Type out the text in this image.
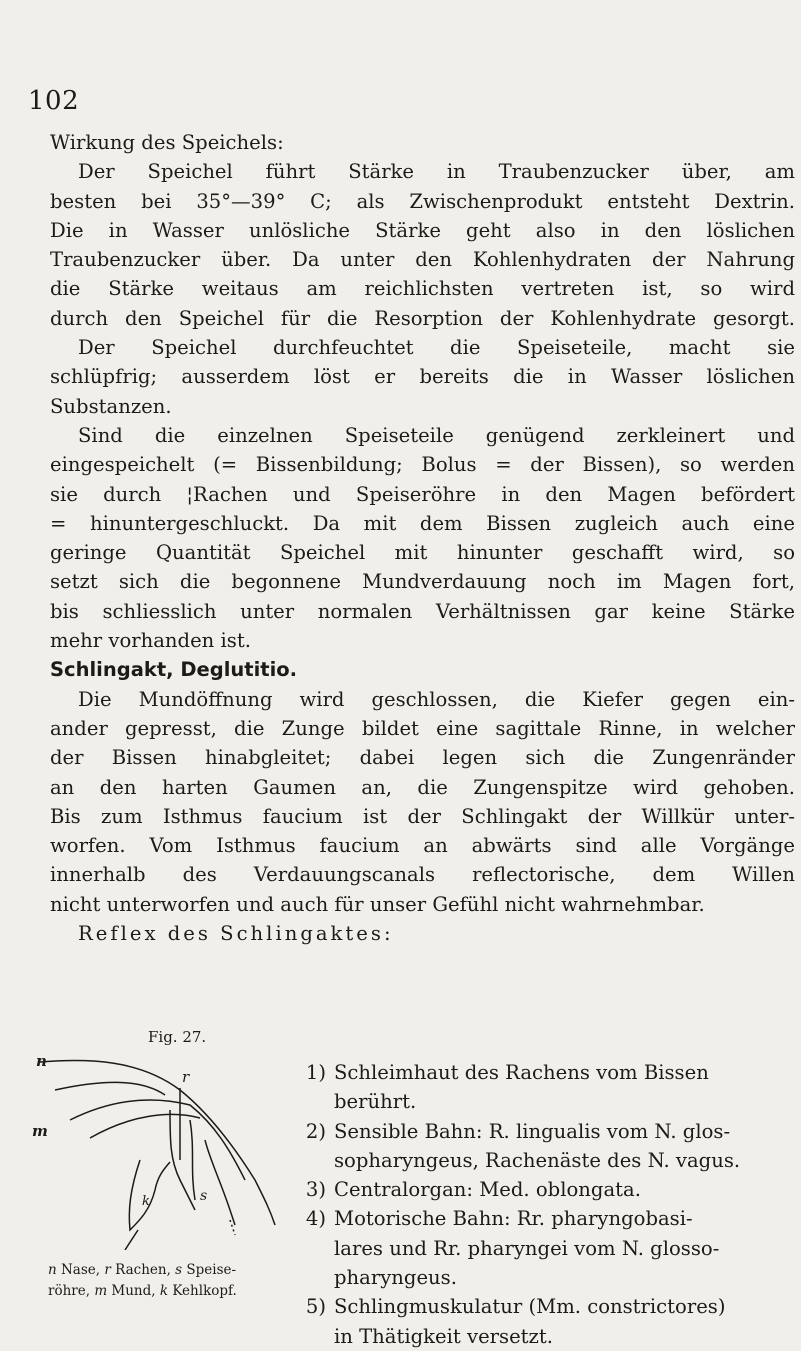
102
Wirkung des Speichels:
Der Speichel führt Stärke in Traubenzucker über, am
besten bei 35°—39° C; als Zwischenprodukt entsteht Dextrin.
Die in Wasser unlösliche Stärke geht also in den löslichen
Traubenzucker über. Da unter den Kohlenhydraten der Nahrung
die Stärke weitaus am reichlichsten vertreten ist, so wird
durch den Speichel für die Resorption der Kohlenhydrate gesorgt.
Der Speichel durchfeuchtet die Speiseteile, macht sie
schlüpfrig; ausserdem löst er bereits die in Wasser löslichen
Substanzen.
Sind die einzelnen Speiseteile genügend zerkleinert und
eingespeichelt (= Bissenbildung; Bolus = der Bissen), so werden
sie durch ¦Rachen und Speiseröhre in den Magen befördert
= hinuntergeschluckt. Da mit dem Bissen zugleich auch eine
geringe Quantität Speichel mit hinunter geschafft wird, so
setzt sich die begonnene Mundverdauung noch im Magen fort,
bis schliesslich unter normalen Verhältnissen gar keine Stärke
mehr vorhanden ist.
Schlingakt, Deglutitio.
Die Mundöffnung wird geschlossen, die Kiefer gegen ein-
ander gepresst, die Zunge bildet eine sagittale Rinne, in welcher
der Bissen hinabgleitet; dabei legen sich die Zungenränder
an den harten Gaumen an, die Zungenspitze wird gehoben.
Bis zum Isthmus faucium ist der Schlingakt der Willkür unter-
worfen. Vom Isthmus faucium an abwärts sind alle Vorgänge
innerhalb des Verdauungscanals reflectorische, dem Willen
nicht unterworfen und auch für unser Gefühl nicht wahrnehmbar.
Reflex des Schlingaktes:
Fig. 27.
n
r
m
k	s
1) Schleimhaut des Rachens vom Bissen
berührt.
2) Sensible Bahn: R. lingualis vom N. glos-
sopharyngeus, Rachenäste des N. vagus.
3) Centralorgan: Med. oblongata.
4) Motorische Bahn: Rr. pharyngobasi-
lares und Rr. pharyngei vom N. glosso-
pharyngeus.
5) Schlingmuskulatur (Mm. constrictores)
in Thätigkeit versetzt.
n Nase, r Rachen, s Speise-
röhre, m Mund, k Kehlkopf.
